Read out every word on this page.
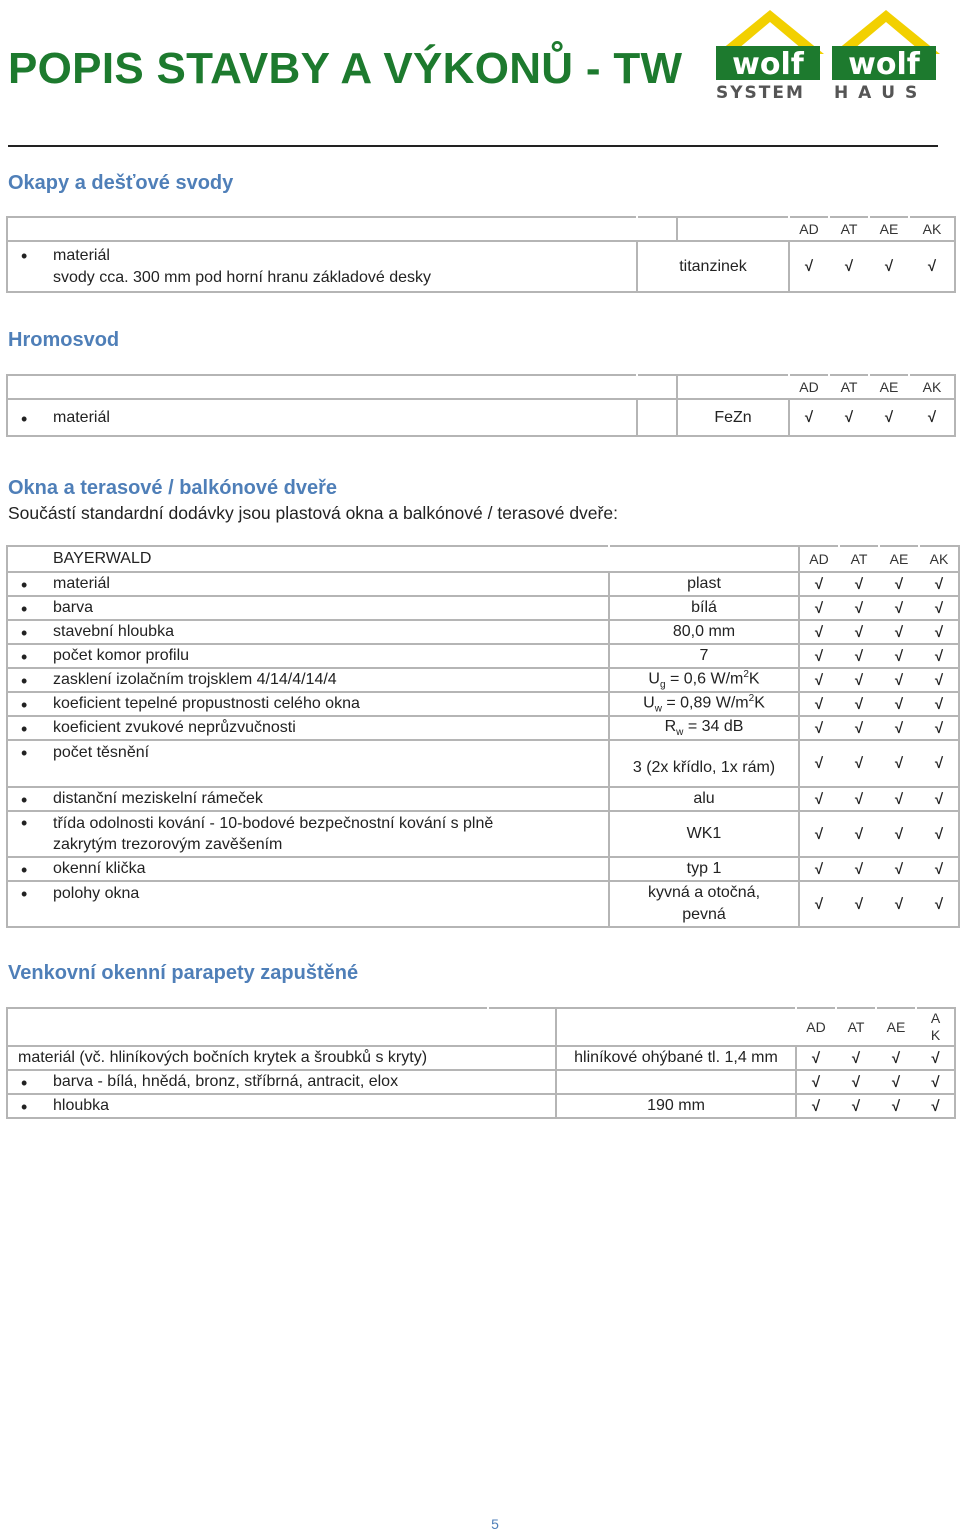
POPIS STAVBY A VÝKONŮ - TW wolf
SYSTEM
wolf
H A U S
Okapy a dešťové svody
			AD	AT	AE	AK
• materiál
svody cca. 300 mm pod horní hranu základové desky	titanzinek		√	√	√	√
Hromosvod
			AD	AT	AE	AK
• materiál		FeZn	√	√	√	√
Okna a terasové / balkónové dveře
Součástí standardní dodávky jsou plastová okna a balkónové / terasové dveře:
BAYERWALD		AD	AT	AE	AK
• materiál	plast	√	√	√	√
• barva	bílá	√	√	√	√
• stavební hloubka	80,0 mm	√	√	√	√
• počet komor profilu	7	√	√	√	√
• zasklení izolačním trojsklem 4/14/4/14/4	$U_g = 0,6$ $W/m^2K$	√	√	√	√
• koeficient tepelné propustnosti celého okna	$U_w = 0,89$ $W/m^2K$	√	√	√	√
• koeficient zvukové neprůzvučnosti	$R_w = 34$ dB	√	√	√	√
• počet těsnění	3 (2x křídlo, 1x rám)	√	√	√	√
• distanční meziskelní rámeček	alu	√	√	√	√
• třída odolnosti kování - 10-bodové bezpečnostní kování s plně zakrytým trezorovým zavěšením	WK1	√	√	√	√
• okenní klička	typ 1	√	√	√	√
• polohy okna	kyvná a otočná, pevná	√	√	√	√
Venkovní okenní parapety zapuštěné
			AD	AT	AE	A K
materiál (vč. hliníkových bočních krytek a šroubků s kryty)		hliníkové ohýbané tl. 1,4 mm	√	√	√	√
• barva - bílá, hnědá, bronz, stříbrná, antracit, elox			√	√	√	√
• hloubka		190 mm	√	√	√	√
5
